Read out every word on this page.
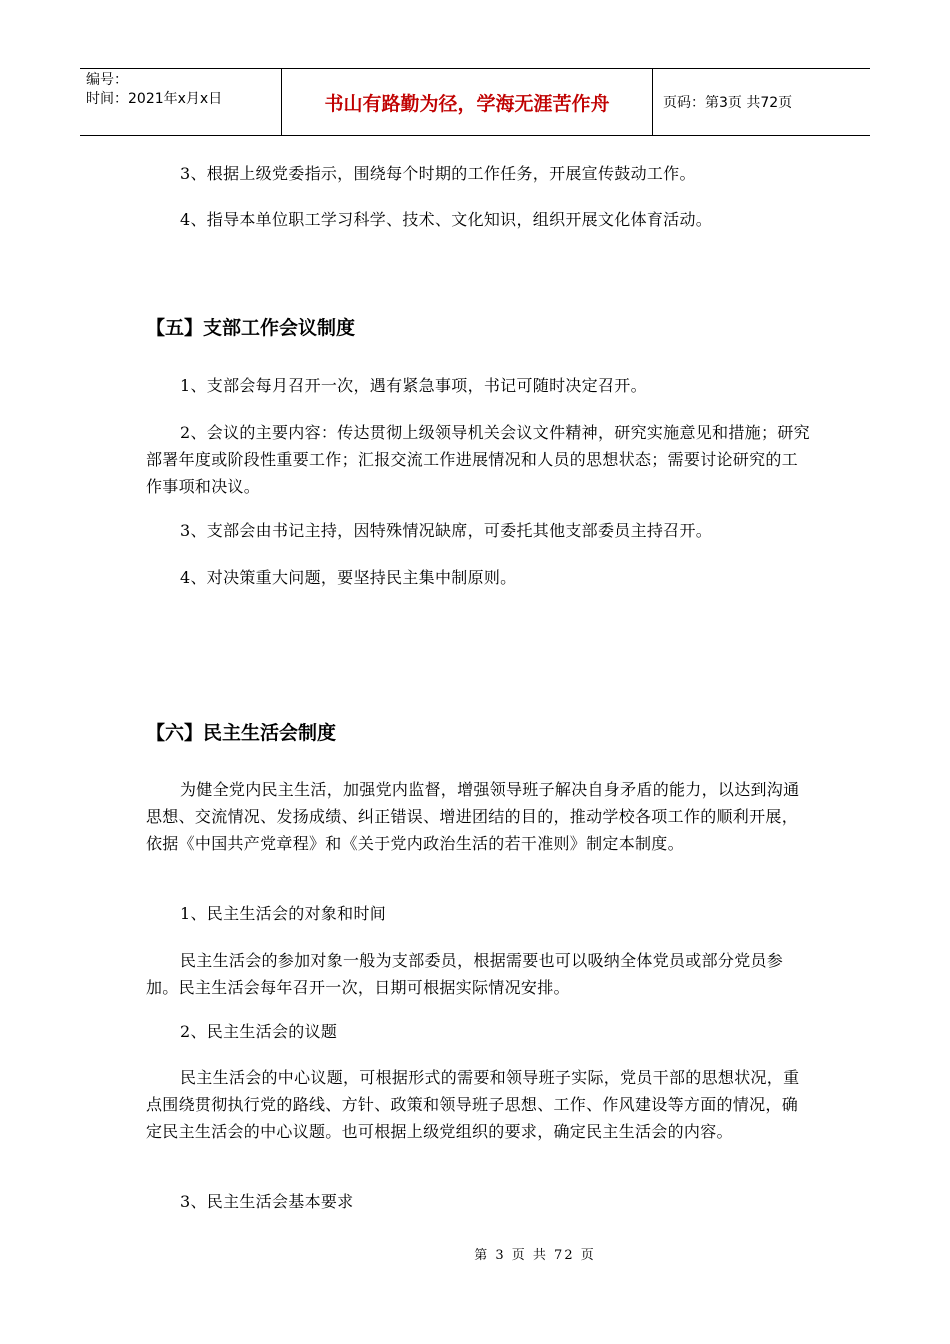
编号：
时间：2021年x月x日	书山有路勤为径，学海无涯苦作舟	页码：第3页 共72页

3、根据上级党委指示，围绕每个时期的工作任务，开展宣传鼓动工作。

4、指导本单位职工学习科学、技术、文化知识，组织开展文化体育活动。

【五】支部工作会议制度

1、支部会每月召开一次，遇有紧急事项，书记可随时决定召开。

2、会议的主要内容：传达贯彻上级领导机关会议文件精神，研究实施意见和措施；研究部署年度或阶段性重要工作；汇报交流工作进展情况和人员的思想状态；需要讨论研究的工作事项和决议。

3、支部会由书记主持，因特殊情况缺席，可委托其他支部委员主持召开。

4、对决策重大问题，要坚持民主集中制原则。

【六】民主生活会制度

为健全党内民主生活，加强党内监督，增强领导班子解决自身矛盾的能力，以达到沟通思想、交流情况、发扬成绩、纠正错误、增进团结的目的，推动学校各项工作的顺利开展，依据《中国共产党章程》和《关于党内政治生活的若干准则》制定本制度。

1、民主生活会的对象和时间

民主生活会的参加对象一般为支部委员，根据需要也可以吸纳全体党员或部分党员参加。民主生活会每年召开一次，日期可根据实际情况安排。

2、民主生活会的议题

民主生活会的中心议题，可根据形式的需要和领导班子实际，党员干部的思想状况，重点围绕贯彻执行党的路线、方针、政策和领导班子思想、工作、作风建设等方面的情况，确定民主生活会的中心议题。也可根据上级党组织的要求，确定民主生活会的内容。

3、民主生活会基本要求

第 3 页 共 72 页
